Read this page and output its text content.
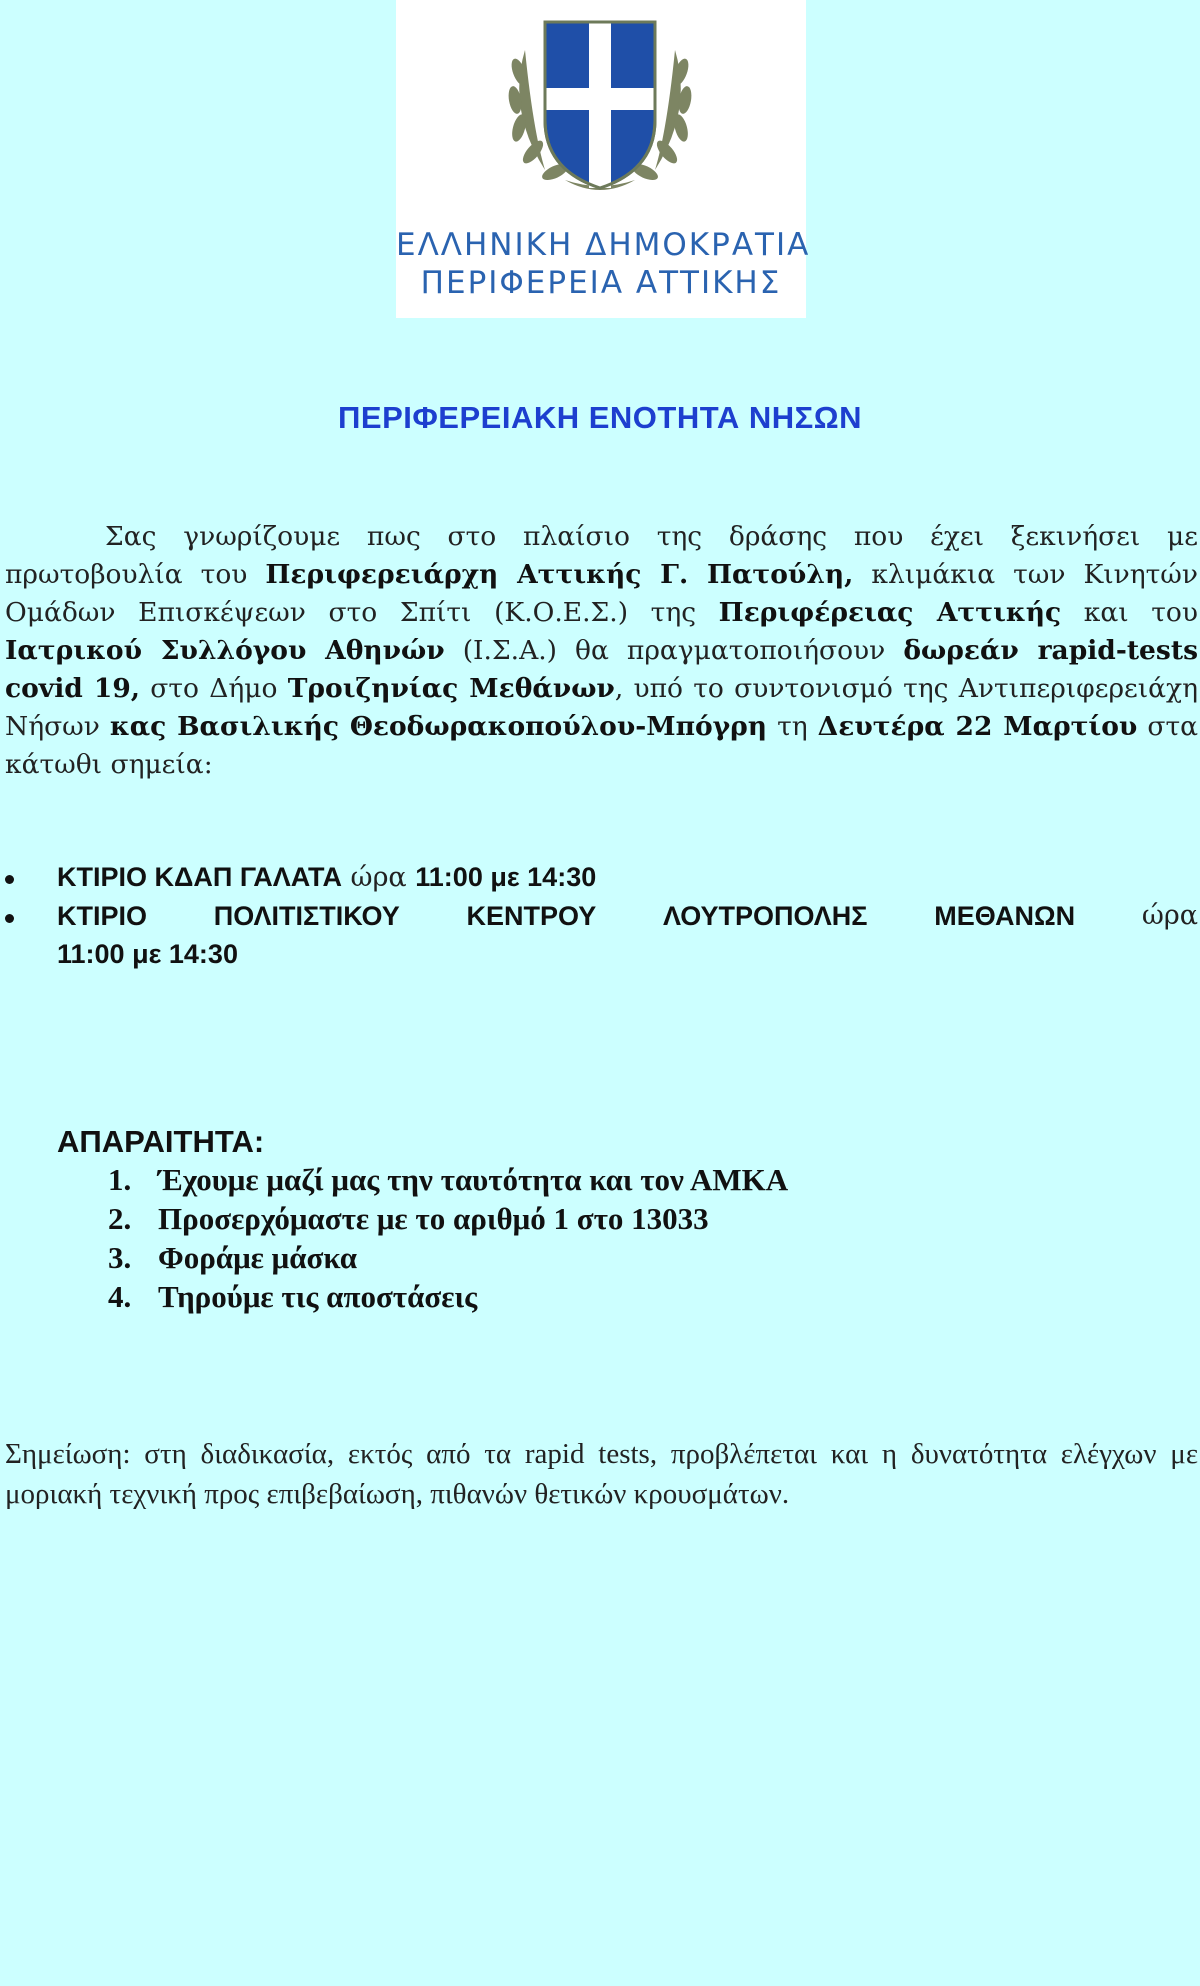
ΕΛΛΗΝΙΚΗ ΔΗΜΟΚΡΑΤΙΑ
ΠΕΡΙΦΕΡΕΙΑ ΑΤΤΙΚΗΣ
ΠΕΡΙΦΕΡΕΙΑΚΗ ΕΝΟΤΗΤΑ ΝΗΣΩΝ
Σας γνωρίζουμε πως στο πλαίσιο της δράσης που έχει ξεκινήσει με πρωτοβουλία του Περιφερειάρχη Αττικής Γ. Πατούλη, κλιμάκια των Κινητών Ομάδων Επισκέψεων στο Σπίτι (Κ.Ο.Ε.Σ.) της Περιφέρειας Αττικής και του Ιατρικού Συλλόγου Αθηνών (Ι.Σ.Α.) θα πραγματοποιήσουν δωρεάν rapid-tests covid 19, στο Δήμο Τροιζηνίας Μεθάνων, υπό το συντονισμό της Αντιπεριφερειάχη Νήσων κας Βασιλικής Θεοδωρακοπούλου-Μπόγρη τη Δευτέρα 22 Μαρτίου στα κάτωθι σημεία:
ΚΤΙΡΙΟ ΚΔΑΠ ΓΑΛΑΤΑ ώρα 11:00 με 14:30
ΚΤΙΡΙΟ ΠΟΛΙΤΙΣΤΙΚΟΥ ΚΕΝΤΡΟΥ ΛΟΥΤΡΟΠΟΛΗΣ ΜΕΘΑΝΩΝ ώρα
11:00 με 14:30
ΑΠΑΡΑΙΤΗΤΑ:
1. Έχουμε μαζί μας την ταυτότητα και τον ΑΜΚΑ
2. Προσερχόμαστε με το αριθμό 1 στο 13033
3. Φοράμε μάσκα
4. Τηρούμε τις αποστάσεις
Σημείωση: στη διαδικασία, εκτός από τα rapid tests, προβλέπεται και η δυνατότητα ελέγχων με μοριακή τεχνική προς επιβεβαίωση, πιθανών θετικών κρουσμάτων.
